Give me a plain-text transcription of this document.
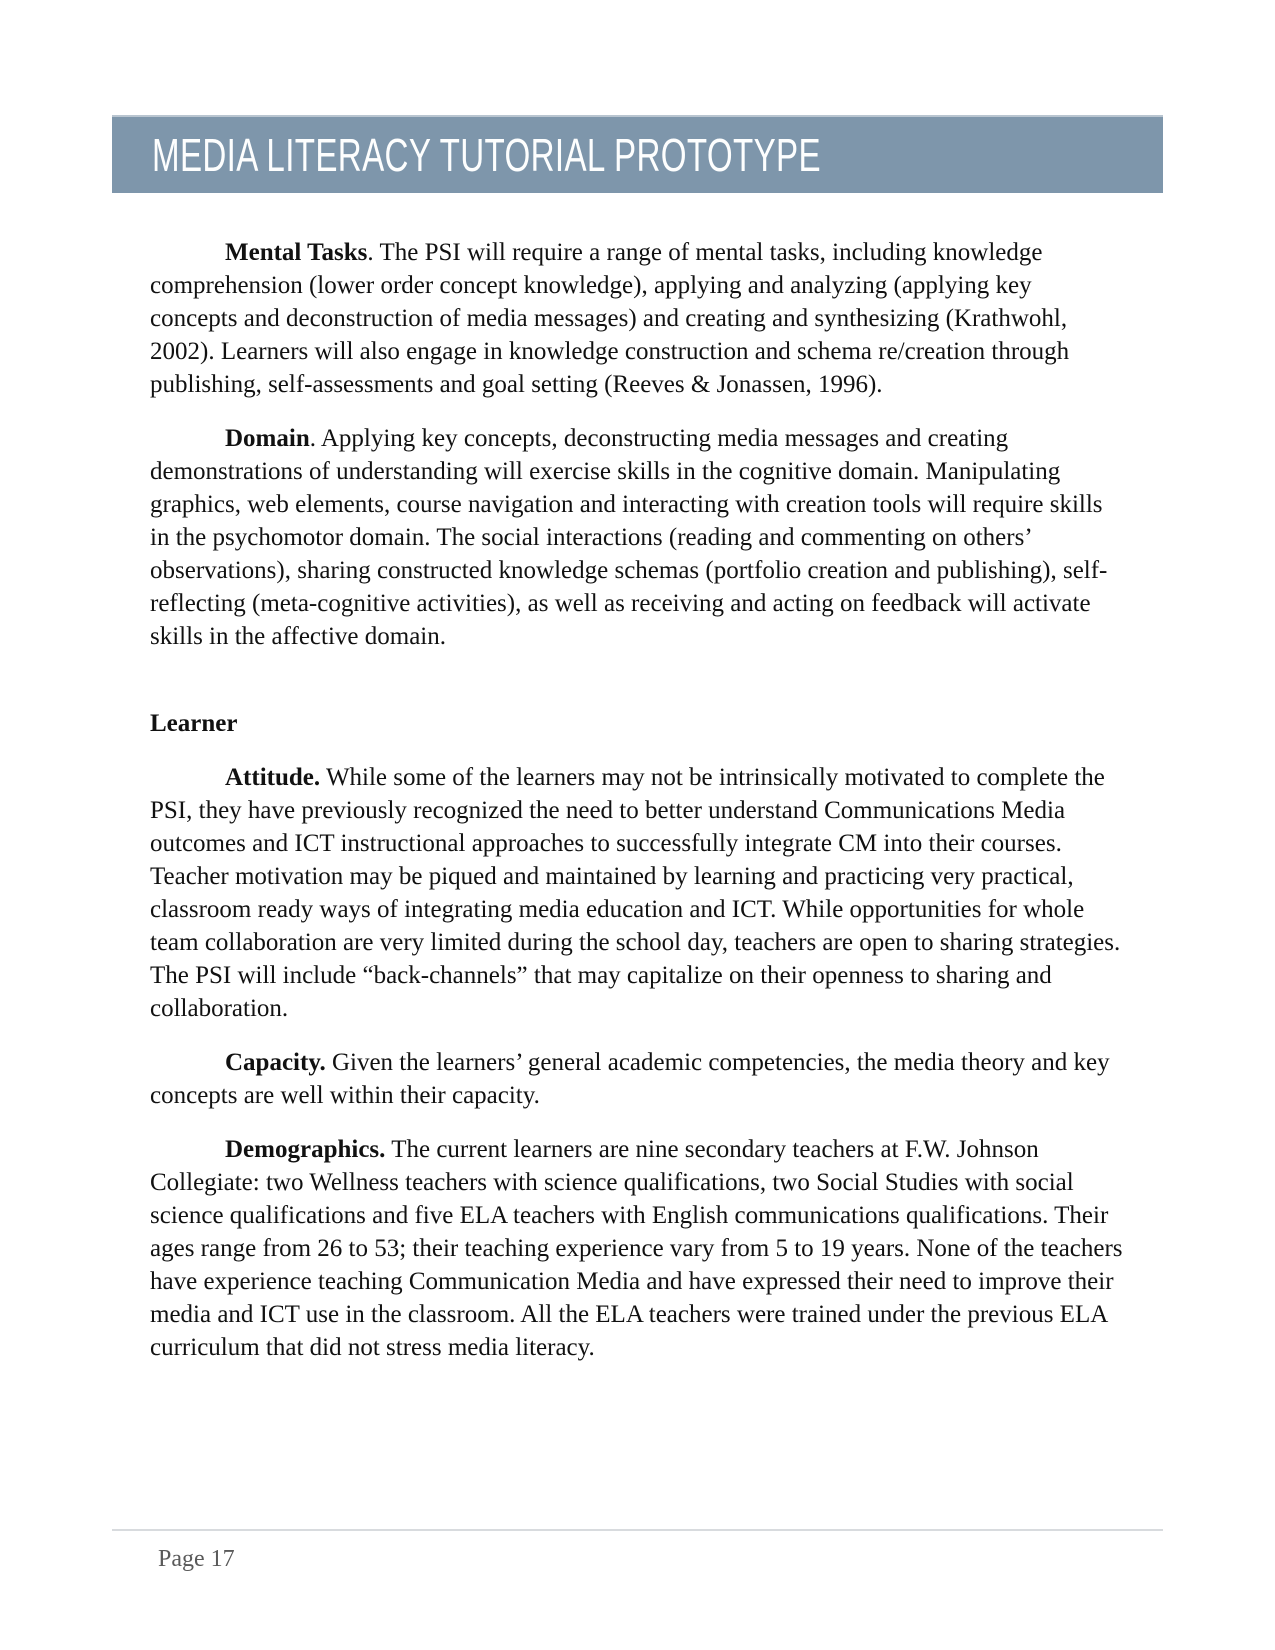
MEDIA LITERACY TUTORIAL PROTOTYPE

Mental Tasks. The PSI will require a range of mental tasks, including knowledge comprehension (lower order concept knowledge), applying and analyzing (applying key concepts and deconstruction of media messages) and creating and synthesizing (Krathwohl, 2002). Learners will also engage in knowledge construction and schema re/creation through publishing, self-assessments and goal setting (Reeves & Jonassen, 1996).

Domain. Applying key concepts, deconstructing media messages and creating demonstrations of understanding will exercise skills in the cognitive domain. Manipulating graphics, web elements, course navigation and interacting with creation tools will require skills in the psychomotor domain. The social interactions (reading and commenting on others’ observations), sharing constructed knowledge schemas (portfolio creation and publishing), self-reflecting (meta-cognitive activities), as well as receiving and acting on feedback will activate skills in the affective domain.

Learner

Attitude. While some of the learners may not be intrinsically motivated to complete the PSI, they have previously recognized the need to better understand Communications Media outcomes and ICT instructional approaches to successfully integrate CM into their courses. Teacher motivation may be piqued and maintained by learning and practicing very practical, classroom ready ways of integrating media education and ICT. While opportunities for whole team collaboration are very limited during the school day, teachers are open to sharing strategies. The PSI will include “back-channels” that may capitalize on their openness to sharing and collaboration.

Capacity. Given the learners’ general academic competencies, the media theory and key concepts are well within their capacity.

Demographics. The current learners are nine secondary teachers at F.W. Johnson Collegiate: two Wellness teachers with science qualifications, two Social Studies with social science qualifications and five ELA teachers with English communications qualifications. Their ages range from 26 to 53; their teaching experience vary from 5 to 19 years. None of the teachers have experience teaching Communication Media and have expressed their need to improve their media and ICT use in the classroom. All the ELA teachers were trained under the previous ELA curriculum that did not stress media literacy.

Page 17
